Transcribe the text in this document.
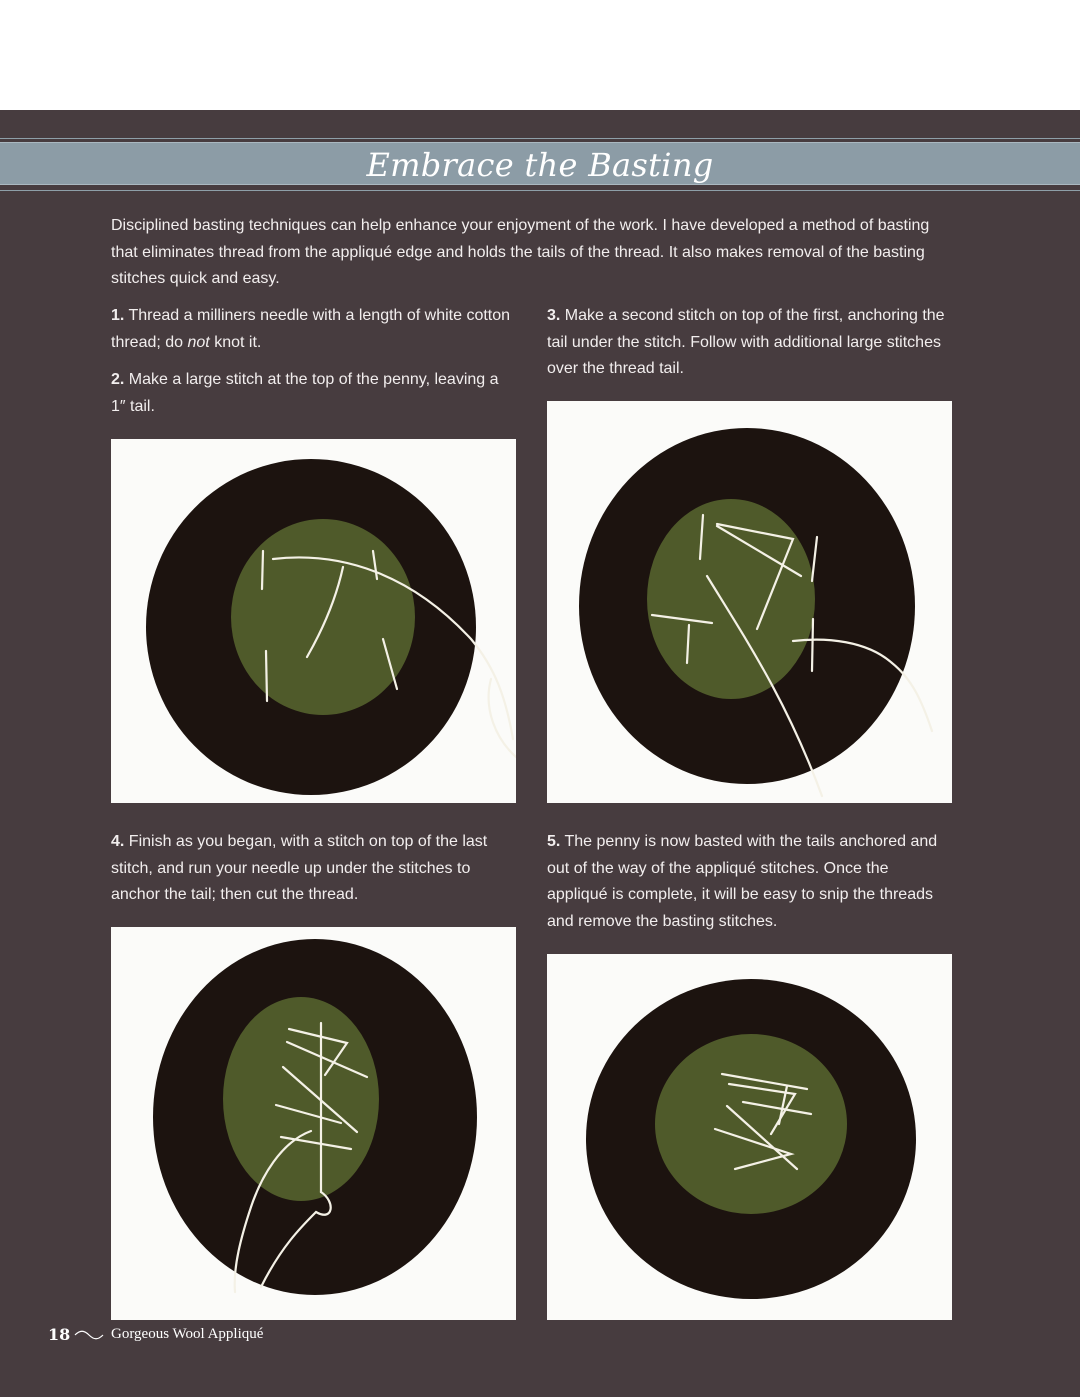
Embrace the Basting
Disciplined basting techniques can help enhance your enjoyment of the work. I have developed a method of basting that eliminates thread from the appliqué edge and holds the tails of the thread. It also makes removal of the basting stitches quick and easy.
1. Thread a milliners needle with a length of white cotton thread; do not knot it.
2. Make a large stitch at the top of the penny, leaving a 1″ tail.
3. Make a second stitch on top of the first, anchoring the tail under the stitch. Follow with additional large stitches over the thread tail.
4. Finish as you began, with a stitch on top of the last stitch, and run your needle up under the stitches to anchor the tail; then cut the thread.
5. The penny is now basted with the tails anchored and out of the way of the appliqué stitches. Once the appliqué is complete, it will be easy to snip the threads and remove the basting stitches.
18	Gorgeous Wool Appliqué
